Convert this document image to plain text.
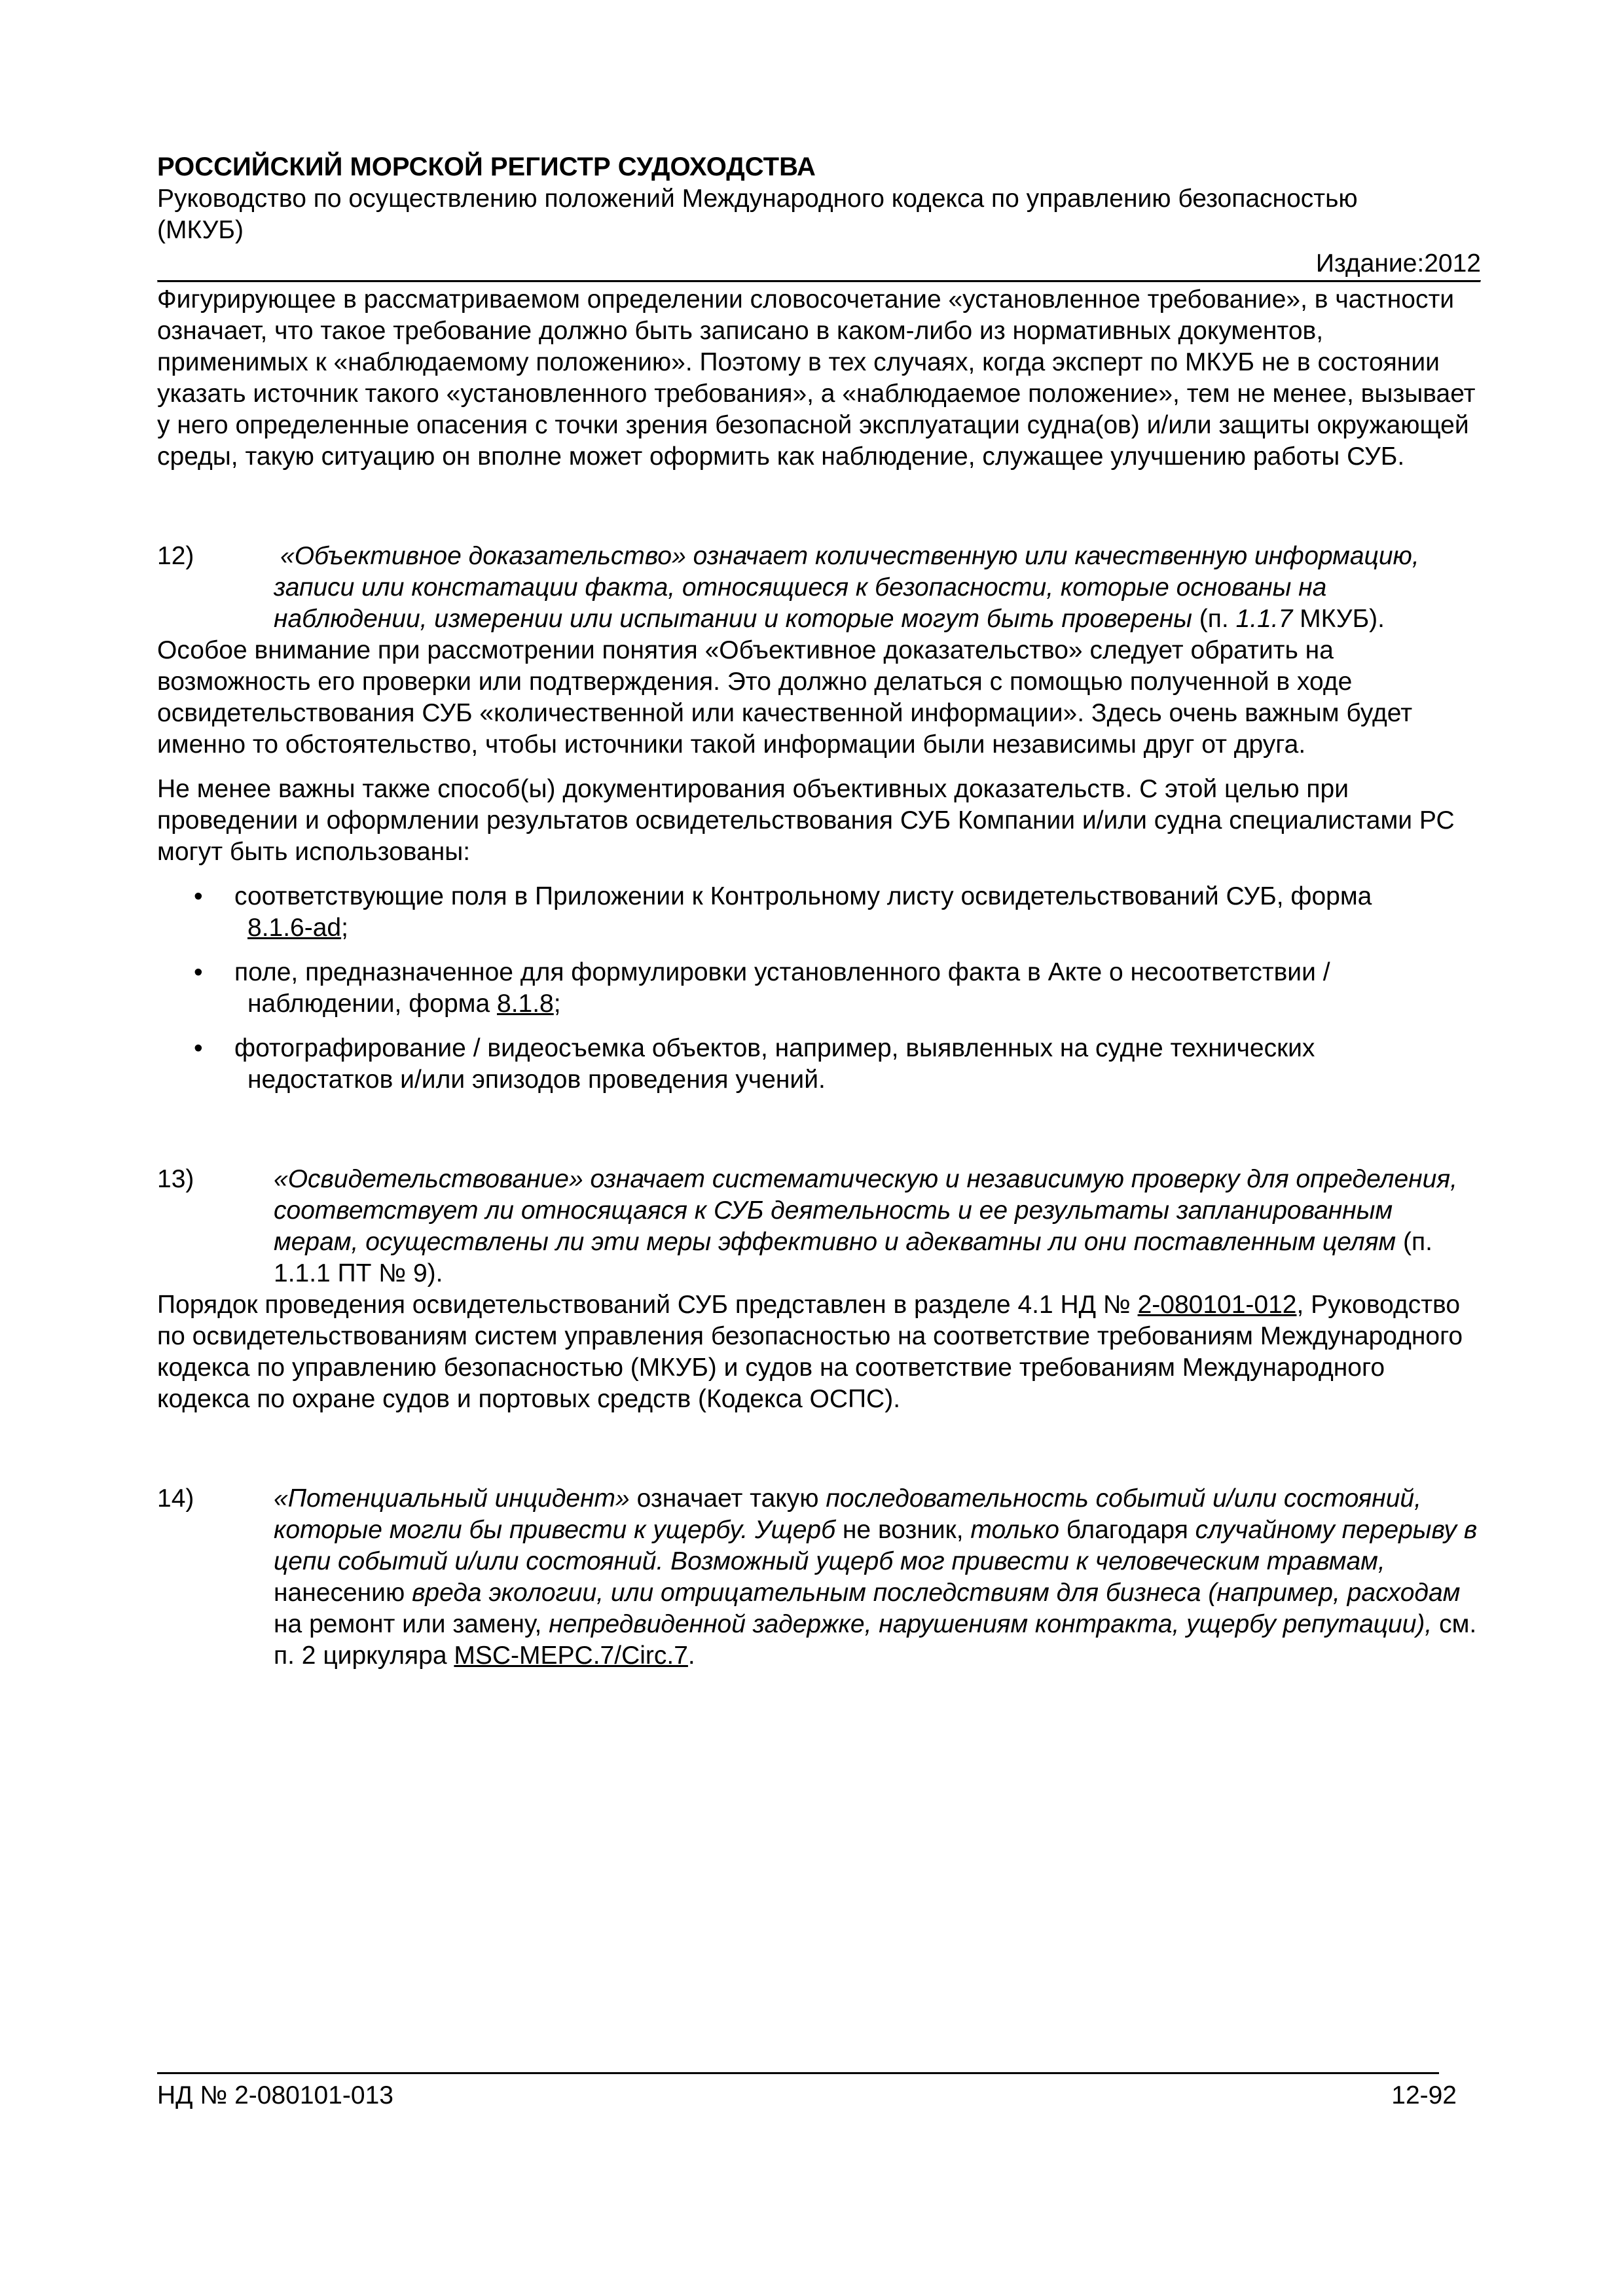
РОССИЙСКИЙ МОРСКОЙ РЕГИСТР СУДОХОДСТВА
Руководство по осуществлению положений Международного кодекса по управлению безопасностью
(МКУБ)
Издание:2012

Фигурирующее в рассматриваемом определении словосочетание «установленное требование», в частности означает, что такое требование должно быть записано в каком-либо из нормативных документов, применимых к «наблюдаемому положению». Поэтому в тех случаях, когда эксперт по МКУБ не в состоянии указать источник такого «установленного требования», а «наблюдаемое положение», тем не менее, вызывает у него определенные опасения с точки зрения безопасной эксплуатации судна(ов) и/или защиты окружающей среды, такую ситуацию он вполне может оформить как наблюдение, служащее улучшению работы СУБ.

12)	«Объективное доказательство» означает количественную или качественную информацию, записи или констатации факта, относящиеся к безопасности, которые основаны на наблюдении, измерении или испытании и которые могут быть проверены (п. 1.1.7 МКУБ).

Особое внимание при рассмотрении понятия «Объективное доказательство» следует обратить на возможность его проверки или подтверждения. Это должно делаться с помощью полученной в ходе освидетельствования СУБ «количественной или качественной информации». Здесь очень важным будет именно то обстоятельство, чтобы источники такой информации были независимы друг от друга.

Не менее важны также способ(ы) документирования объективных доказательств. С этой целью при проведении и оформлении результатов освидетельствования СУБ Компании и/или судна специалистами РС могут быть использованы:

• соответствующие поля в Приложении к Контрольному листу освидетельствований СУБ, форма
8.1.6-ad;
• поле, предназначенное для формулировки установленного факта в Акте о несоответствии /
наблюдении, форма 8.1.8;
• фотографирование / видеосъемка объектов, например, выявленных на судне технических
недостатков и/или эпизодов проведения учений.
13)	«Освидетельствование» означает систематическую и независимую проверку для определения, соответствует ли относящаяся к СУБ деятельность и ее результаты запланированным мерам, осуществлены ли эти меры эффективно и адекватны ли они поставленным целям (п. 1.1.1 ПТ № 9).

Порядок проведения освидетельствований СУБ представлен в разделе 4.1 НД № 2-080101-012, Руководство по освидетельствованиям систем управления безопасностью на соответствие требованиям Международного кодекса по управлению безопасностью (МКУБ) и судов на соответствие требованиям Международного кодекса по охране судов и портовых средств (Кодекса ОСПС).

14)	«Потенциальный инцидент» означает такую последовательность событий и/или состояний, которые могли бы привести к ущербу. Ущерб не возник, только благодаря случайному перерыву в цепи событий и/или состояний. Возможный ущерб мог привести к человеческим травмам, нанесению вреда экологии, или отрицательным последствиям для бизнеса (например, расходам на ремонт или замену, непредвиденной задержке, нарушениям контракта, ущербу репутации), см. п. 2 циркуляра MSC-MEPC.7/Circ.7.
НД № 2-080101-013	12-92
